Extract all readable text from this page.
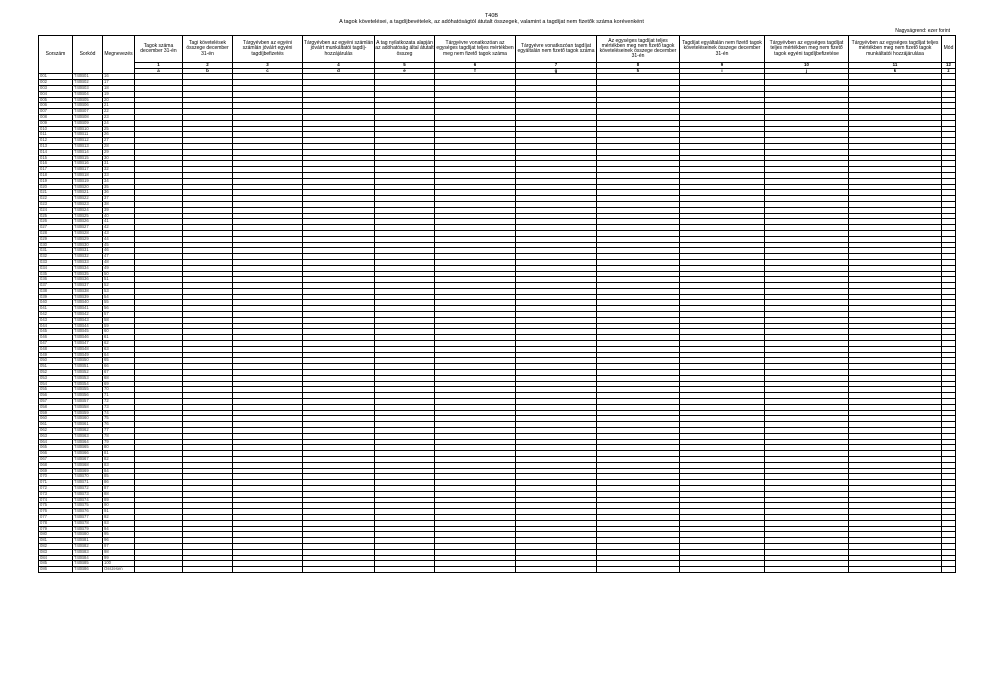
T40B
A tagok követelései, a tagdíjbevételek, az adóhatóságtól átutalt összegek, valamint a tagdíjat nem fizetők száma korévenként
Nagyságrend: ezer forint
Sorszám	Sorkód	Megnevezés	Tagok száma december 31-én	Tagi követelések összege december 31-én	Tárgyévben az egyéni számlán jóváírt egyéni tagdíjbefizetés	Tárgyévben az egyéni számlán jóváírt munkáltatói tagdíj-hozzájárulás	A tag nyilatkozata alapján az adóhatóság által átutalt összeg	Tárgyévre vonatkozóan az egységes tagdíjat teljes mértékben meg nem fizető tagok száma	Tárgyévre vonatkozóan tagdíjat egyáltalán nem fizető tagok száma	Az egységes tagdíjat teljes mértékben meg nem fizető tagok követeléseinek összege december 31-én	Tagdíjat egyáltalán nem fizető tagok követeléseinek összege december 31-én	Tárgyévben az egységes tagdíjat teljes mértékben meg nem fizető tagok egyéni tagdíjbefizetése	Tárgyévben az egységes tagdíjat teljes mértékben meg nem fizető tagok munkáltatói hozzájárulása	Mód
			1	2	3	4	5	6	7	8	9	10	11	12
			a	b	c	d	e	f	g	h	i	j	k	z
001	T40B01	16												
002	T40B02	17												
003	T40B03	18												
004	T40B04	19												
005	T40B05	20												
006	T40B06	21												
007	T40B07	22												
008	T40B08	23												
009	T40B09	24												
010	T40B10	25												
011	T40B11	26												
012	T40B12	27												
013	T40B13	28												
014	T40B14	29												
015	T40B15	30												
016	T40B16	31												
017	T40B17	32												
018	T40B18	33												
019	T40B19	34												
020	T40B20	35												
021	T40B21	36												
022	T40B22	37												
023	T40B23	38												
024	T40B24	39												
025	T40B25	40												
026	T40B26	41												
027	T40B27	42												
028	T40B28	43												
029	T40B29	44												
030	T40B30	45												
031	T40B31	46												
032	T40B32	47												
033	T40B33	48												
034	T40B34	49												
035	T40B35	50												
036	T40B36	51												
037	T40B37	52												
038	T40B38	53												
039	T40B39	54												
040	T40B40	55												
041	T40B41	56												
042	T40B42	57												
043	T40B43	58												
044	T40B44	59												
045	T40B45	60												
046	T40B46	61												
047	T40B47	62												
048	T40B48	63												
049	T40B49	64												
050	T40B50	65												
051	T40B51	66												
052	T40B52	67												
053	T40B53	68												
054	T40B54	69												
055	T40B55	70												
056	T40B56	71												
057	T40B57	72												
058	T40B58	73												
059	T40B59	74												
060	T40B60	75												
061	T40B61	76												
062	T40B62	77												
063	T40B63	78												
064	T40B64	79												
065	T40B65	80												
066	T40B66	81												
067	T40B67	82												
068	T40B68	83												
069	T40B69	84												
070	T40B70	85												
071	T40B71	86												
072	T40B72	87												
073	T40B73	88												
074	T40B74	89												
075	T40B75	90												
076	T40B76	91												
077	T40B77	92												
078	T40B78	93												
079	T40B79	94												
080	T40B80	95												
081	T40B81	96												
082	T40B82	97												
083	T40B83	98												
084	T40B84	99												
085	T40B85	100												
086	T40B86	Összesen												
